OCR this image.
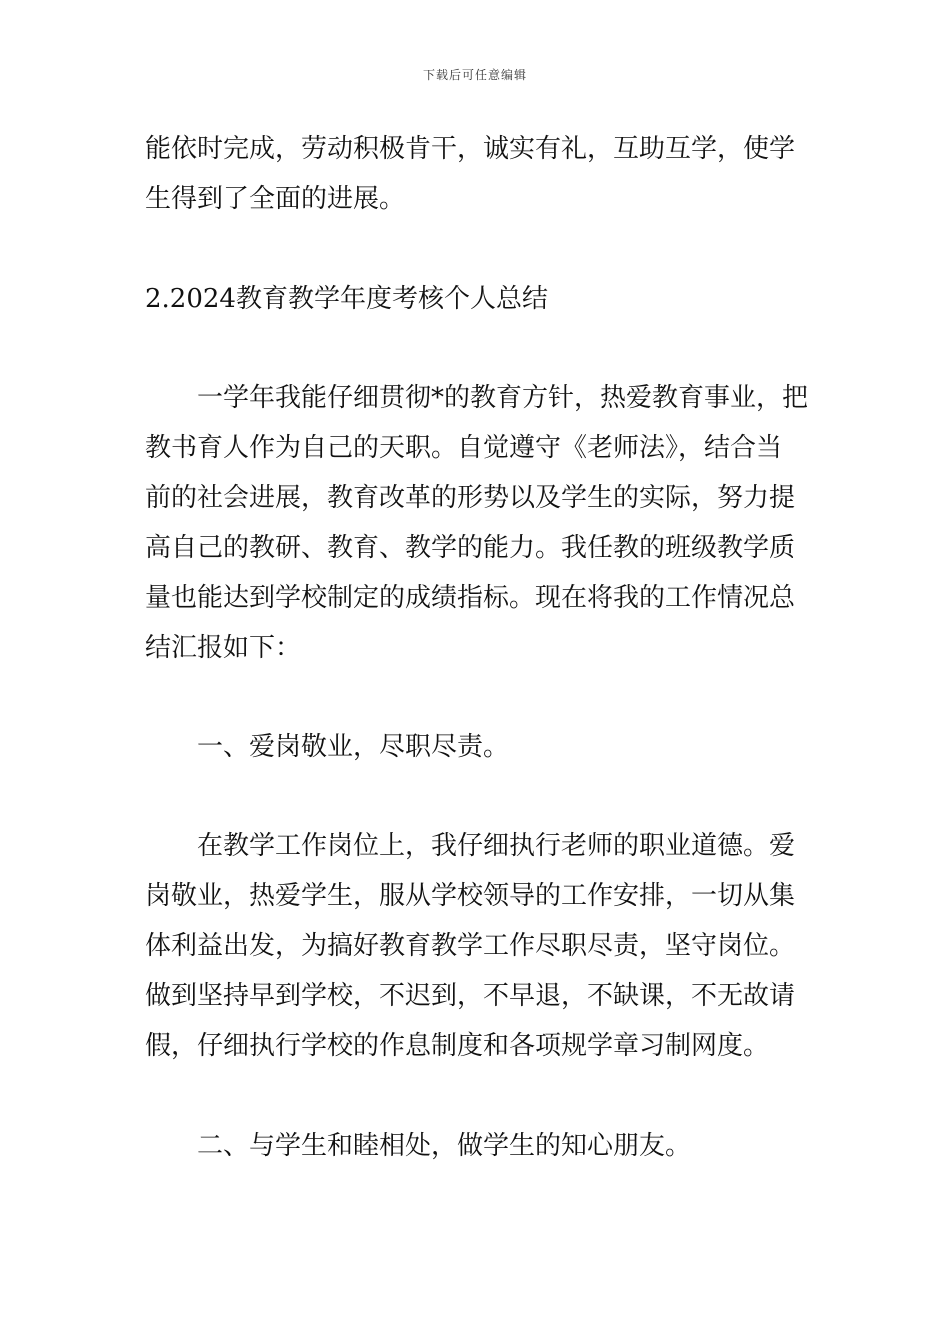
下载后可任意编辑
能依时完成，劳动积极肯干，诚实有礼，互助互学，使学
生得到了全面的进展。
2.2024教育教学年度考核个人总结
一学年我能仔细贯彻*的教育方针，热爱教育事业，把
教书育人作为自己的天职。自觉遵守《老师法》，结合当
前的社会进展，教育改革的形势以及学生的实际，努力提
高自己的教研、教育、教学的能力。我任教的班级教学质
量也能达到学校制定的成绩指标。现在将我的工作情况总
结汇报如下：
一、爱岗敬业，尽职尽责。
在教学工作岗位上，我仔细执行老师的职业道德。爱
岗敬业，热爱学生，服从学校领导的工作安排，一切从集
体利益出发，为搞好教育教学工作尽职尽责，坚守岗位。
做到坚持早到学校，不迟到，不早退，不缺课，不无故请
假，仔细执行学校的作息制度和各项规学章习制网度。
二、与学生和睦相处，做学生的知心朋友。
